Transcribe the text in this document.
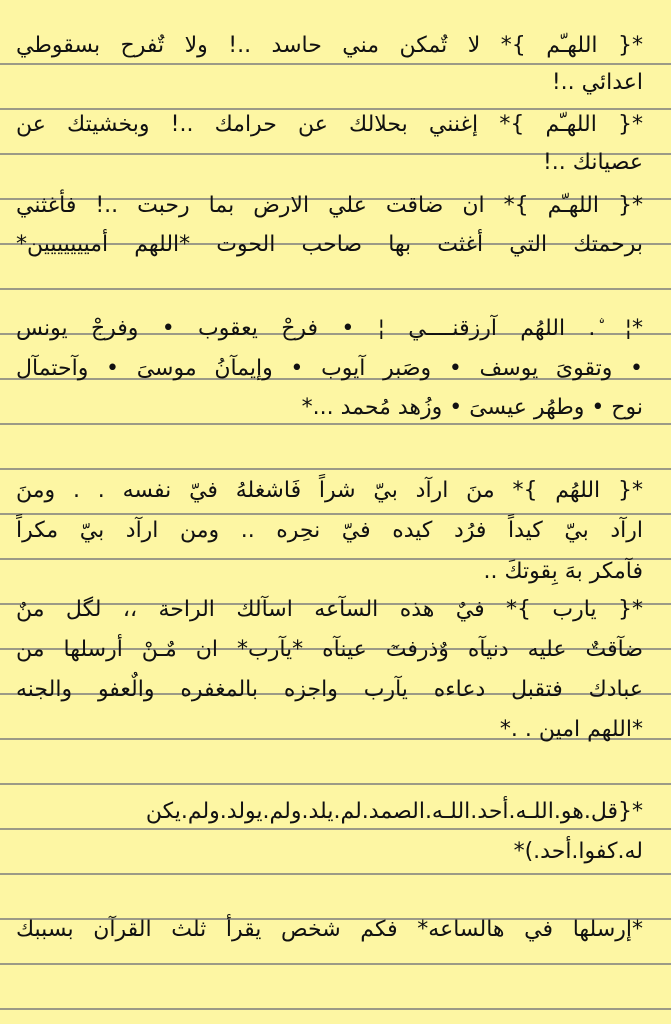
*{ اللهـّم }* لا تٌمكن مني حاسد ..! ولا تٌفرح بسقوطي
اعدائي ..!
*{ اللهـّم }* إغنني بحلالك عن حرامك ..! وبخشيتك عن
عصيانك ..!
*{ اللهـّم }* ان ضاقت علي الارض بما رحبت ..! فأغثني
برحمتك التي أغثت بها صاحب الحوت *اللهم أمييييييين*
*¦ ۨ. اللهُم آرزقنــــي ¦ • فرحْ يعقوب • وفرجْ يونس
• وتقوىَ يوسف • وصَبر آيوب • وإيمآنُ موسىَ • وآحتمآل
نوح • وطهُر عيسىَ • وزُهد مُحمد ...*
*{ اللهُم }* منَ ارآد بيّ شراً فَاشغلهُ فيّ نفسه . . ومنَ
ارآد بيّ كيداً فرُد كيده فيّ نحِره .. ومن ارآد بيّ مكراً
فآمكر بهَ بِقوتكَ ..
*{ يارب }* فيٌ هذه السآعه اسآلك الراحة ،، لگل منٌ
ضآقتٌ عليه دنيآه وٌذرفتٓ عينآه *يآرب* ان مٌـنْ أرسلها من
عبادك فتقبل دعاءه يآرب واجزه بالمغفره والٌعفو والجنه
*اللهم امين . .*
*{قل.هو.اللـه.أحد.اللـه.الصمد.لم.يلد.ولم.يولد.ولم.يكن
له.كفوا.أحد.)*
*إرسلها في هالساعه* فكم شخص يقرأ ثلث القرآن بسببك
